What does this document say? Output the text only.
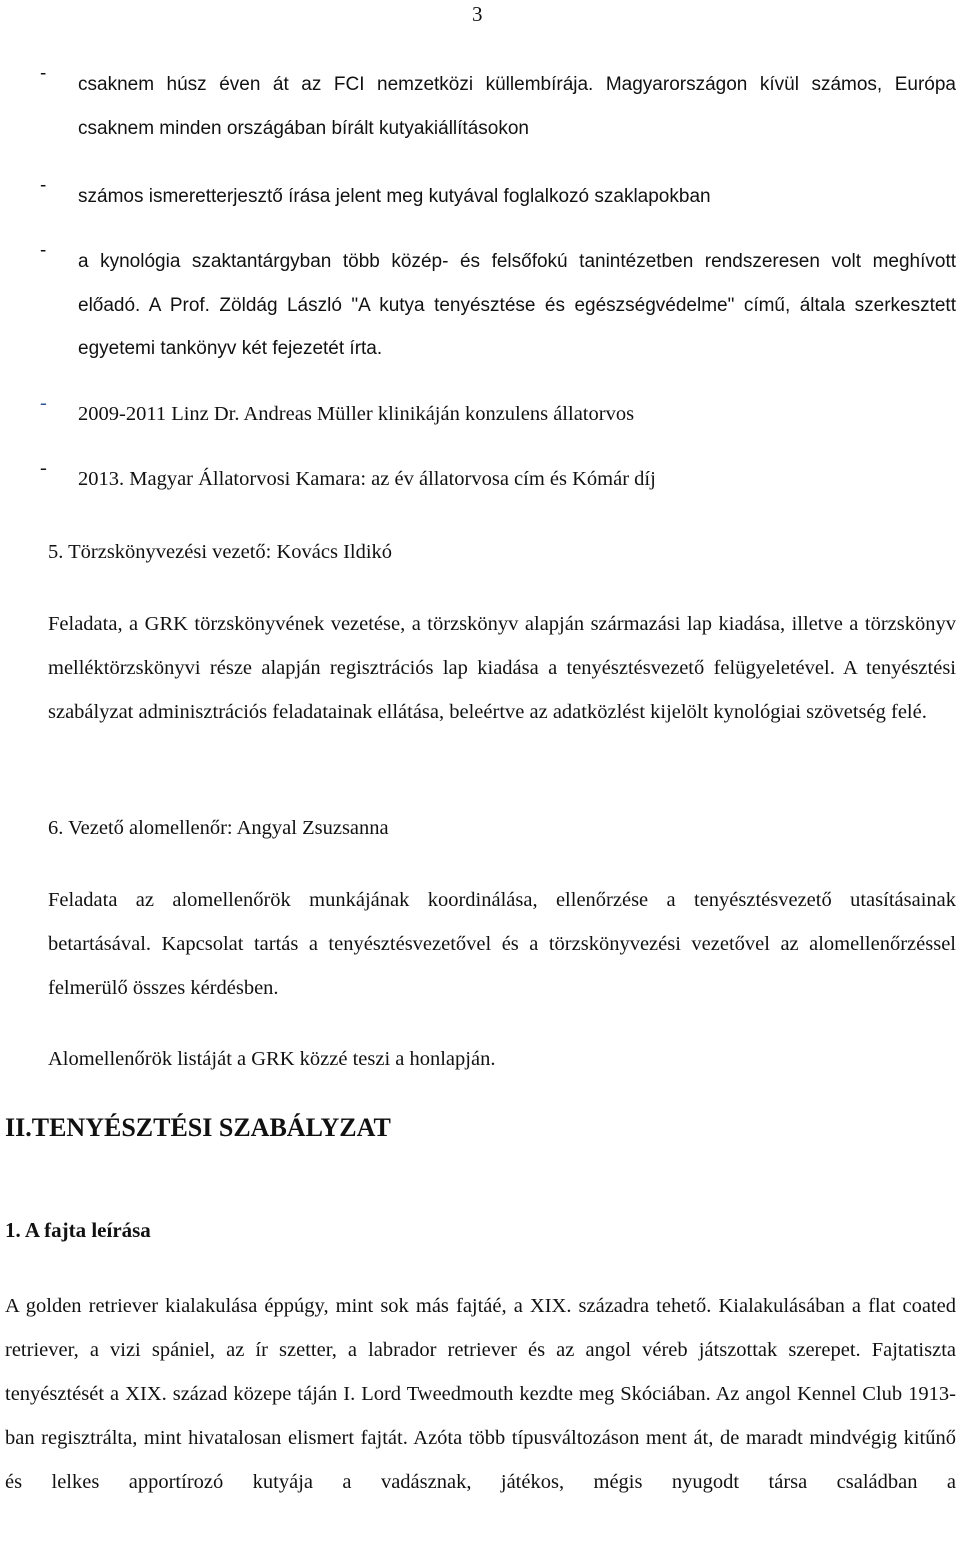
3
-
csaknem húsz éven át az FCI nemzetközi küllembírája. Magyarországon kívül számos, Európa csaknem minden országában bírált kutyakiállításokon
-
számos ismeretterjesztő írása jelent meg kutyával foglalkozó szaklapokban
-
a kynológia szaktantárgyban több közép- és felsőfokú tanintézetben rendszeresen volt meghívott előadó. A Prof. Zöldág László "A kutya tenyésztése és egészségvédelme" című, általa szerkesztett egyetemi tankönyv két fejezetét írta.
- 2009-2011 Linz Dr. Andreas Müller klinikáján konzulens állatorvos
- 2013. Magyar Állatorvosi Kamara: az év állatorvosa cím és Kómár díj
5. Törzskönyvezési vezető: Kovács Ildikó
Feladata, a GRK törzskönyvének vezetése, a törzskönyv alapján származási lap kiadása, illetve a törzskönyv melléktörzskönyvi része alapján regisztrációs lap kiadása a tenyésztésvezető felügyeletével. A tenyésztési szabályzat adminisztrációs feladatainak ellátása, beleértve az adatközlést kijelölt kynológiai szövetség felé.
6. Vezető alomellenőr: Angyal Zsuzsanna
Feladata az alomellenőrök munkájának koordinálása, ellenőrzése a tenyésztésvezető utasításainak betartásával. Kapcsolat tartás a tenyésztésvezetővel és a törzskönyvezési vezetővel az alomellenőrzéssel felmerülő összes kérdésben.
Alomellenőrök listáját a GRK közzé teszi a honlapján.
II.TENYÉSZTÉSI SZABÁLYZAT
1. A fajta leírása
A golden retriever kialakulása éppúgy, mint sok más fajtáé, a XIX. századra tehető. Kialakulásában a flat coated retriever, a vizi spániel, az ír szetter, a labrador retriever és az angol véreb játszottak szerepet. Fajtatiszta tenyésztését a XIX. század közepe táján I. Lord Tweedmouth kezdte meg Skóciában. Az angol Kennel Club 1913-ban regisztrálta, mint hivatalosan elismert fajtát. Azóta több típusváltozáson ment át, de maradt mindvégig kitűnő és lelkes apportírozó kutyája a vadásznak, játékos, mégis nyugodt társa családban a
